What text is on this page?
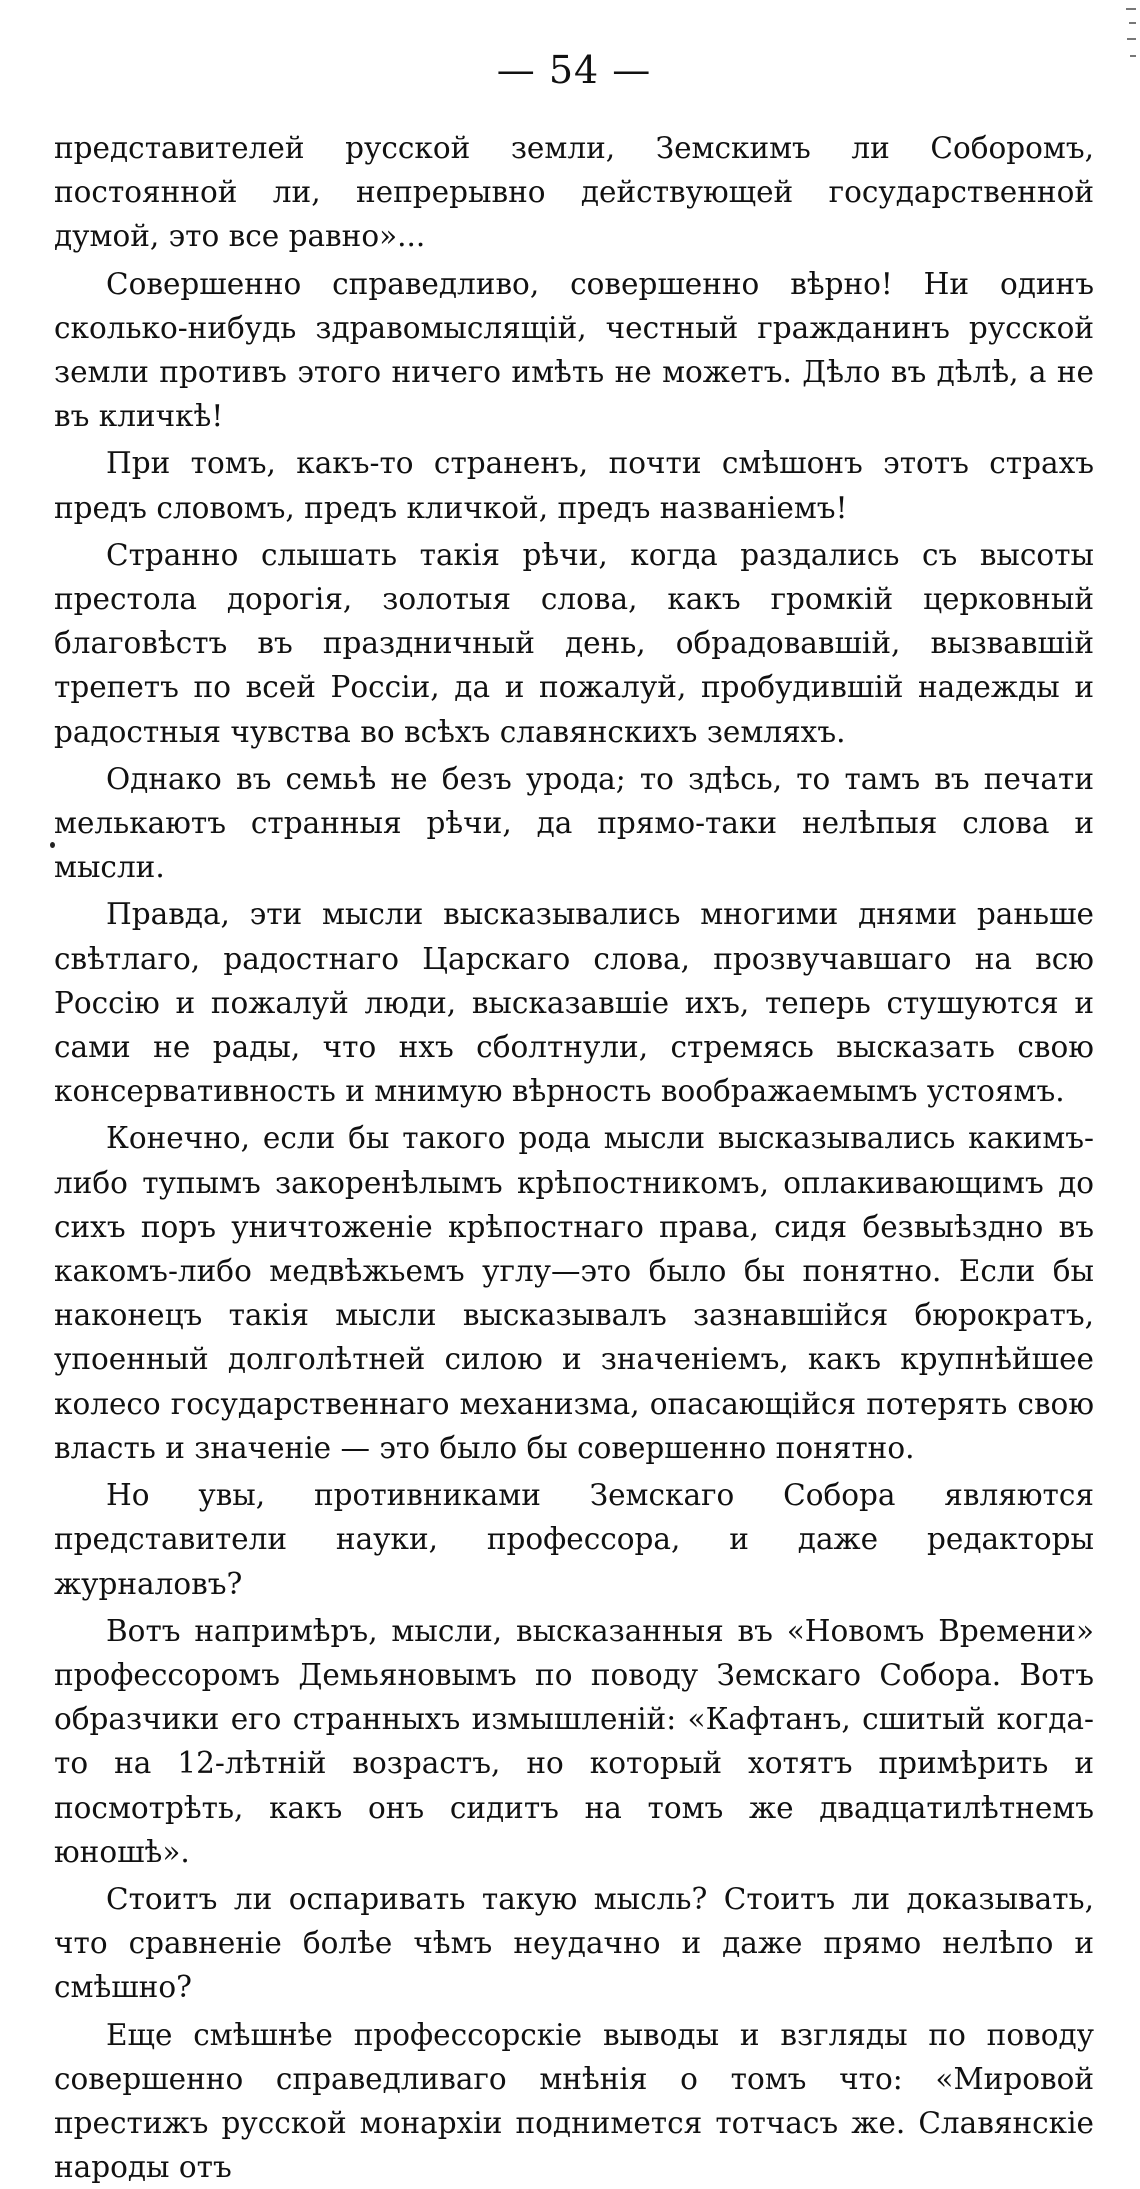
— 54 —

представителей русской земли, Земскимъ ли Соборомъ, постоянной ли, непрерывно действующей государственной думой, это все равно»...

Совершенно справедливо, совершенно вѣрно! Ни одинъ сколько-нибудь здравомыслящій, честный гражданинъ русской земли противъ этого ничего имѣть не можетъ. Дѣло въ дѣлѣ, а не въ кличкѣ!

При томъ, какъ-то страненъ, почти смѣшонъ этотъ страхъ предъ словомъ, предъ кличкой, предъ названіемъ!

Странно слышать такія рѣчи, когда раздались съ высоты престола дорогія, золотыя слова, какъ громкій церковный благовѣстъ въ праздничный день, обрадовавшій, вызвавшій трепетъ по всей Россіи, да и пожалуй, пробудившій надежды и радостныя чувства во всѣхъ славянскихъ земляхъ.

Однако въ семьѣ не безъ урода; то здѣсь, то тамъ въ печати мелькаютъ странныя рѣчи, да прямо-таки нелѣпыя слова и мысли.

Правда, эти мысли высказывались многими днями раньше свѣтлаго, радостнаго Царскаго слова, прозвучавшаго на всю Россію и пожалуй люди, высказавшіе ихъ, теперь стушуются и сами не рады, что нхъ сболтнули, стремясь высказать свою консервативность и мнимую вѣрность воображаемымъ устоямъ.

Конечно, если бы такого рода мысли высказывались какимъ-либо тупымъ закоренѣлымъ крѣпостникомъ, оплакивающимъ до сихъ поръ уничтоженіе крѣпостнаго права, сидя безвыѣздно въ какомъ-либо медвѣжьемъ углу—это было бы понятно. Если бы наконецъ такія мысли высказывалъ зазнавшійся бюрократъ, упоенный долголѣтней силою и значеніемъ, какъ крупнѣйшее колесо государственнаго механизма, опасающійся потерять свою власть и значеніе — это было бы совершенно понятно.

Но увы, противниками Земскаго Собора являются представители науки, профессора, и даже редакторы журналовъ?

Вотъ напримѣръ, мысли, высказанныя въ «Новомъ Времени» профессоромъ Демьяновымъ по поводу Земскаго Собора. Вотъ образчики его странныхъ измышленій: «Кафтанъ, сшитый когда-то на 12-лѣтній возрастъ, но который хотятъ примѣрить и посмотрѣть, какъ онъ сидитъ на томъ же двадцатилѣтнемъ юношѣ».

Стоитъ ли оспаривать такую мысль? Стоитъ ли доказывать, что сравненіе болѣе чѣмъ неудачно и даже прямо нелѣпо и смѣшно?

Еще смѣшнѣе профессорскіе выводы и взгляды по поводу совершенно справедливаго мнѣнія о томъ что: «Мировой престижъ русской монархіи поднимется тотчасъ же. Славянскіе народы отъ
